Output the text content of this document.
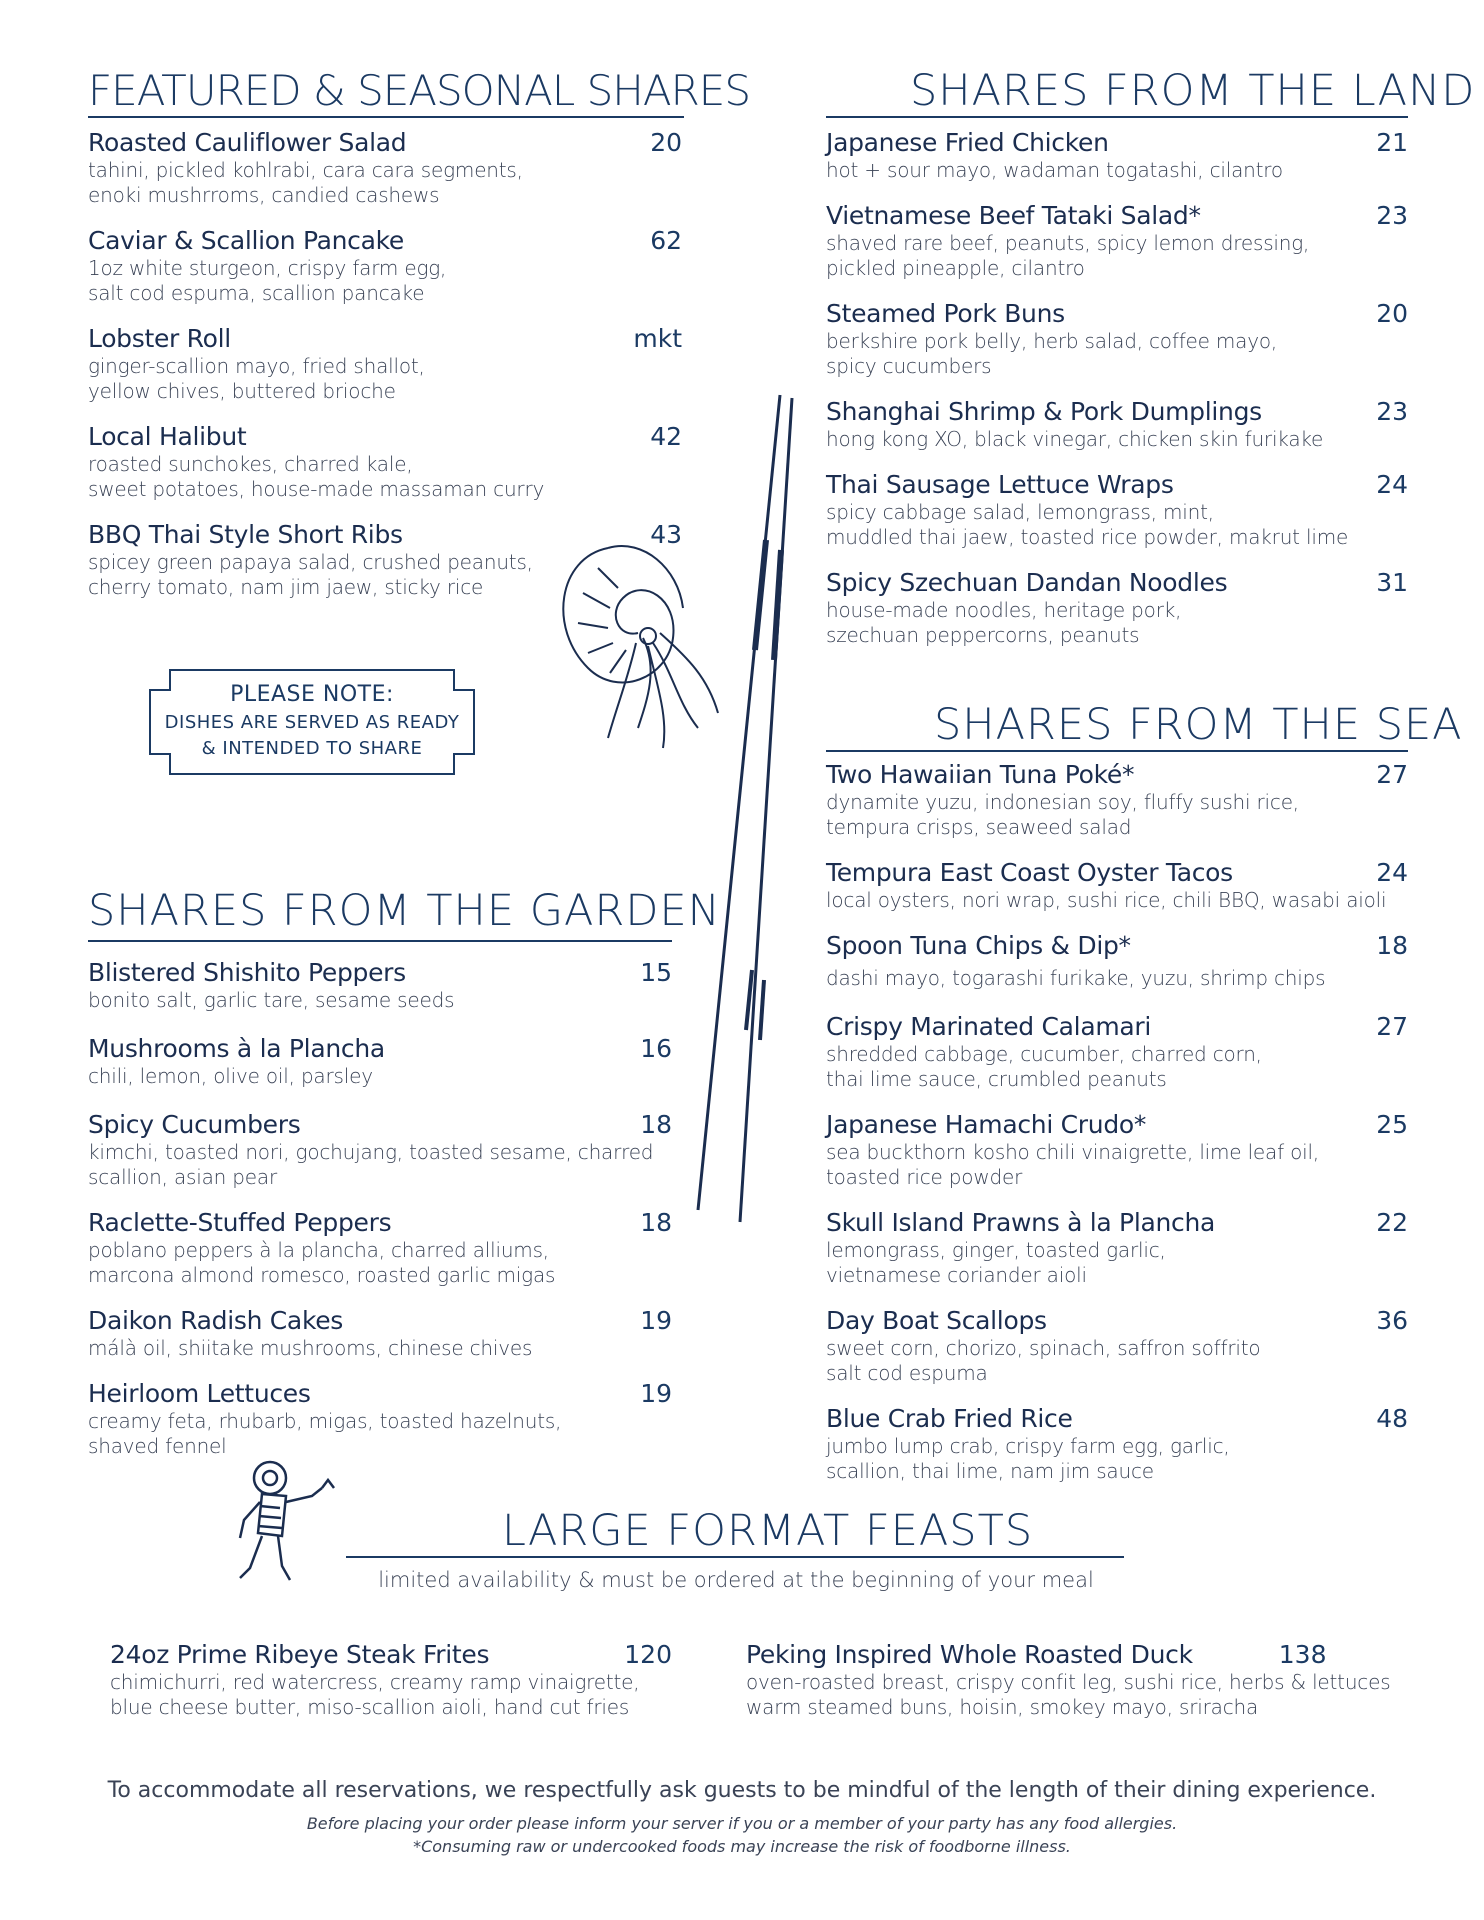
FEATURED & SEASONAL SHARES
Roasted Cauliflower Salad	20
tahini, pickled kohlrabi, cara cara segments,
enoki mushrroms, candied cashews
Caviar & Scallion Pancake	62
1oz white sturgeon, crispy farm egg,
salt cod espuma, scallion pancake
Lobster Roll	mkt
ginger-scallion mayo, fried shallot,
yellow chives, buttered brioche
Local Halibut	42
roasted sunchokes, charred kale,
sweet potatoes, house-made massaman curry
BBQ Thai Style Short Ribs	43
spicey green papaya salad, crushed peanuts,
cherry tomato, nam jim jaew, sticky rice
PLEASE NOTE:
DISHES ARE SERVED AS READY
& INTENDED TO SHARE
SHARES FROM THE GARDEN
Blistered Shishito Peppers	15
bonito salt, garlic tare, sesame seeds
Mushrooms à la Plancha	16
chili, lemon, olive oil, parsley
Spicy Cucumbers	18
kimchi, toasted nori, gochujang, toasted sesame, charred
scallion, asian pear
Raclette-Stuffed Peppers	18
poblano peppers à la plancha, charred alliums,
marcona almond romesco, roasted garlic migas
Daikon Radish Cakes	19
málà oil, shiitake mushrooms, chinese chives
Heirloom Lettuces	19
creamy feta, rhubarb, migas, toasted hazelnuts,
shaved fennel
SHARES FROM THE LAND
Japanese Fried Chicken	21
hot + sour mayo, wadaman togatashi, cilantro
Vietnamese Beef Tataki Salad*	23
shaved rare beef, peanuts, spicy lemon dressing,
pickled pineapple, cilantro
Steamed Pork Buns	20
berkshire pork belly, herb salad, coffee mayo,
spicy cucumbers
Shanghai Shrimp & Pork Dumplings	23
hong kong XO, black vinegar, chicken skin furikake
Thai Sausage Lettuce Wraps	24
spicy cabbage salad, lemongrass, mint,
muddled thai jaew, toasted rice powder, makrut lime
Spicy Szechuan Dandan Noodles	31
house-made noodles, heritage pork,
szechuan peppercorns, peanuts
SHARES FROM THE SEA
Two Hawaiian Tuna Poké*	27
dynamite yuzu, indonesian soy, fluffy sushi rice,
tempura crisps, seaweed salad
Tempura East Coast Oyster Tacos	24
local oysters, nori wrap, sushi rice, chili BBQ, wasabi aioli
Spoon Tuna Chips & Dip*	18
dashi mayo, togarashi furikake, yuzu, shrimp chips
Crispy Marinated Calamari	27
shredded cabbage, cucumber, charred corn,
thai lime sauce, crumbled peanuts
Japanese Hamachi Crudo*	25
sea buckthorn kosho chili vinaigrette, lime leaf oil,
toasted rice powder
Skull Island Prawns à la Plancha	22
lemongrass, ginger, toasted garlic,
vietnamese coriander aioli
Day Boat Scallops	36
sweet corn, chorizo, spinach, saffron soffrito
salt cod espuma
Blue Crab Fried Rice	48
jumbo lump crab, crispy farm egg, garlic,
scallion, thai lime, nam jim sauce
LARGE FORMAT FEASTS
limited availability & must be ordered at the beginning of your meal
24oz Prime Ribeye Steak Frites	120
chimichurri, red watercress, creamy ramp vinaigrette,
blue cheese butter, miso-scallion aioli, hand cut fries
Peking Inspired Whole Roasted Duck	138
oven-roasted breast, crispy confit leg, sushi rice, herbs & lettuces
warm steamed buns, hoisin, smokey mayo, sriracha
To accommodate all reservations, we respectfully ask guests to be mindful of the length of their dining experience.
Before placing your order please inform your server if you or a member of your party has any food allergies.
*Consuming raw or undercooked foods may increase the risk of foodborne illness.
